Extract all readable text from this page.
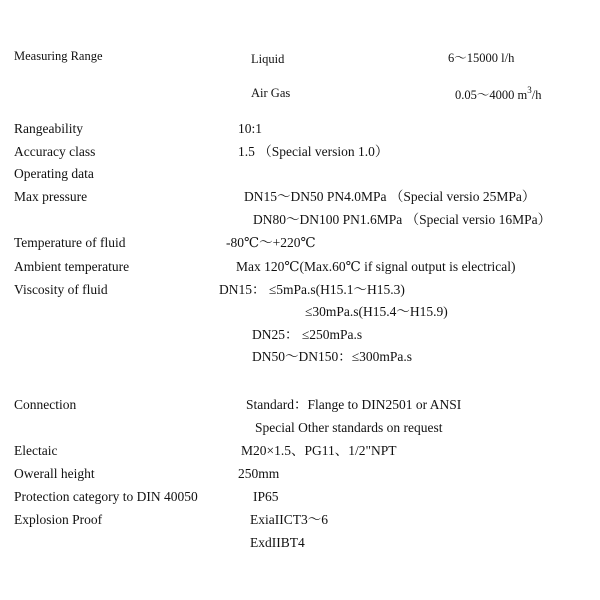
Measuring Range	Liquid	6～15000 l/h
Air Gas	0.05～4000 $m^3/h$
Rangeability	10:1
Accuracy class	1.5 （Special version 1.0）
Operating data
Max pressure	DN15～DN50 PN4.0MPa （Special versio 25MPa）
DN80～DN100 PN1.6MPa （Special versio 16MPa）
Temperature of fluid	-80℃～+220℃
Ambient temperature	Max 120℃(Max.60℃ if signal output is electrical)
Viscosity of fluid	DN15： ≤5mPa.s(H15.1～H15.3)
≤30mPa.s(H15.4～H15.9)
DN25： ≤250mPa.s
DN50～DN150：≤300mPa.s
Connection	Standard：Flange to DIN2501 or ANSI
Special Other standards on request
Electaic	M20×1.5、PG11、1/2"NPT
Owerall height	250mm
Protection category to DIN 40050	IP65
Explosion Proof	ExiaIICT3～6
ExdIIBT4
